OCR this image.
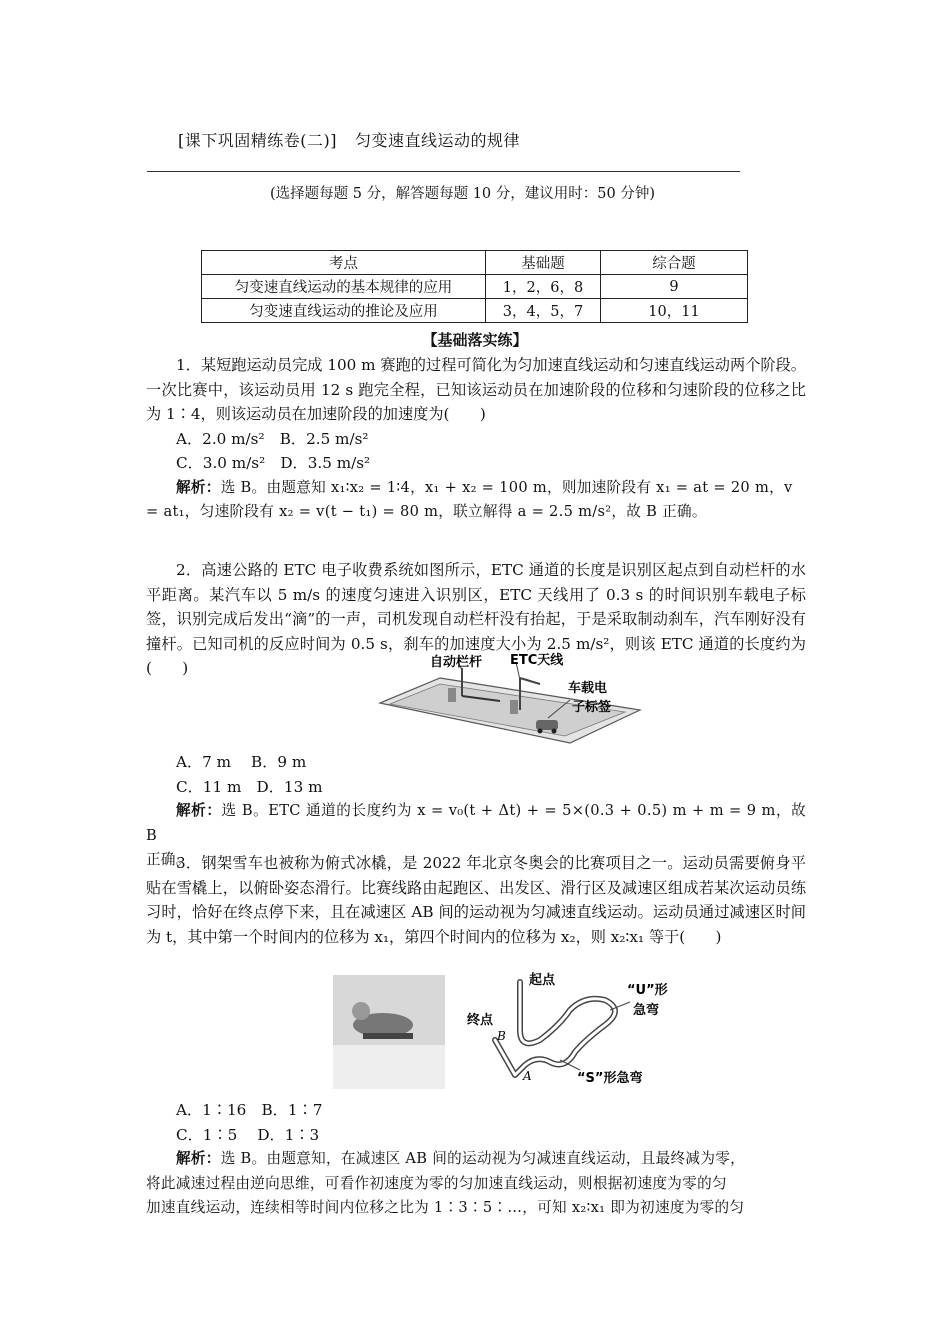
[课下巩固精练卷(二)] 匀变速直线运动的规律
(选择题每题 5 分，解答题每题 10 分，建议用时：50 分钟)
考点	基础题	综合题
匀变速直线运动的基本规律的应用	1，2，6，8	9
匀变速直线运动的推论及应用	3，4，5，7	10，11
【基础落实练】

1．某短跑运动员完成 100 m 赛跑的过程可简化为匀加速直线运动和匀速直线运动两个阶段。一次比赛中，该运动员用 12 s 跑完全程，已知该运动员在加速阶段的位移和匀速阶段的位移之比为 1∶4，则该运动员在加速阶段的加速度为(　　)

A．2.0 m/s²　B．2.5 m/s²

C．3.0 m/s²　D．3.5 m/s²

解析：选 B。由题意知 x₁∶x₂ = 1∶4，x₁ + x₂ = 100 m，则加速阶段有 x₁ = at = 20 m，v

= at₁，匀速阶段有 x₂ = v(t − t₁) = 80 m，联立解得 a = 2.5 m/s²，故 B 正确。

2．高速公路的 ETC 电子收费系统如图所示，ETC 通道的长度是识别区起点到自动栏杆的水平距离。某汽车以 5 m/s 的速度匀速进入识别区，ETC 天线用了 0.3 s 的时间识别车载电子标签，识别完成后发出“滴”的一声，司机发现自动栏杆没有抬起，于是采取制动刹车，汽车刚好没有撞杆。已知司机的反应时间为 0.5 s，刹车的加速度大小为 2.5 m/s²，则该 ETC 通道的长度约为(　　)	自动栏杆 ETC天线
车载电
子标签

A．7 m　 B．9 m

C．11 m　D．13 m

解析：选 B。ETC 通道的长度约为 x = v₀(t + Δt) + = 5×(0.3 + 0.5) m + m = 9 m，故 B

正确。

3．钢架雪车也被称为俯式冰橇，是 2022 年北京冬奥会的比赛项目之一。运动员需要俯身平贴在雪橇上，以俯卧姿态滑行。比赛线路由起跑区、出发区、滑行区及减速区组成若某次运动员练习时，恰好在终点停下来，且在减速区 AB 间的运动视为匀减速直线运动。运动员通过减速区时间为 t，其中第一个时间内的位移为 x₁，第四个时间内的位移为 x₂，则 x₂∶x₁ 等于(　　)

起点
终点
B
A
“U”形
急弯
“S”形急弯

A．1∶16　B．1∶7

C．1∶5　 D．1∶3

解析：选 B。由题意知，在减速区 AB 间的运动视为匀减速直线运动，且最终减为零，

将此减速过程由逆向思维，可看作初速度为零的匀加速直线运动，则根据初速度为零的匀

加速直线运动，连续相等时间内位移之比为 1∶3∶5∶…，可知 x₂∶x₁ 即为初速度为零的匀
